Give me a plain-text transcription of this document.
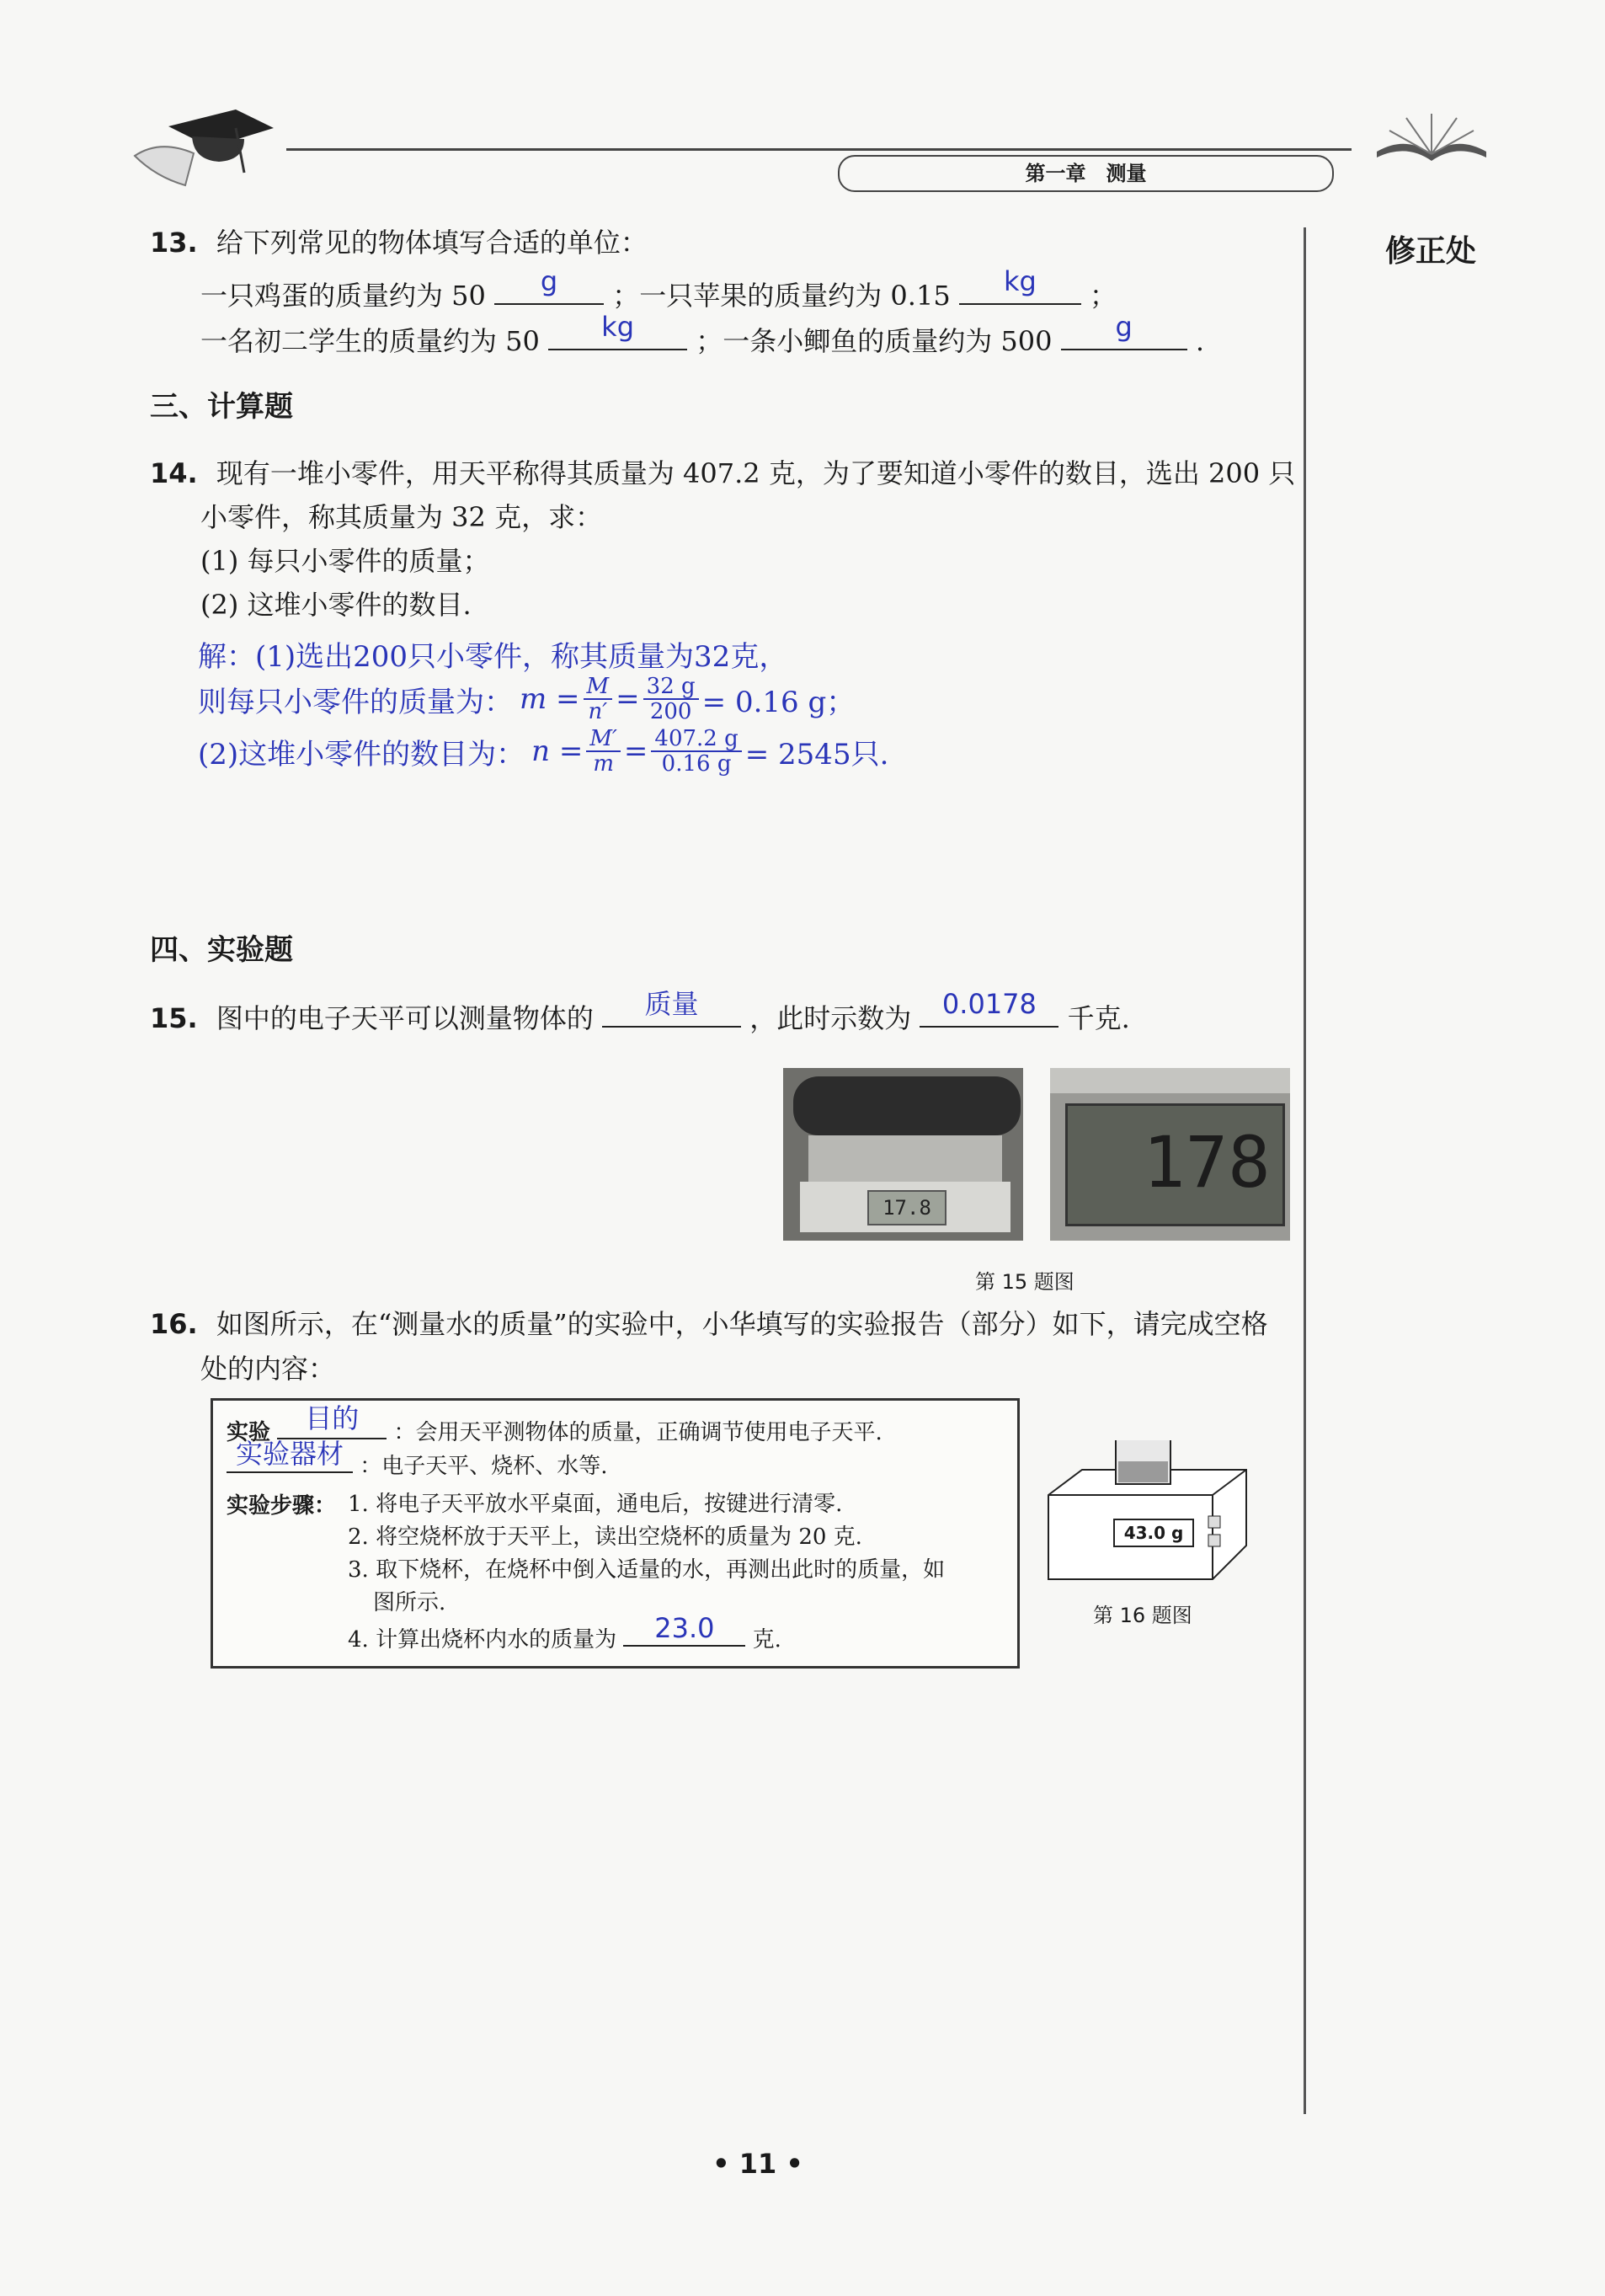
第一章　测量
修正处
13. 给下列常见的物体填写合适的单位：
一只鸡蛋的质量约为 50	g	；一只苹果的质量约为 0.15	kg	；
一名初二学生的质量约为 50	kg	；一条小鲫鱼的质量约为 500	g	.
三、计算题
14. 现有一堆小零件，用天平称得其质量为 407.2 克，为了要知道小零件的数目，选出 200 只
小零件，称其质量为 32 克，求：
(1) 每只小零件的质量；
(2) 这堆小零件的数目.
解：(1)选出200只小零件，称其质量为32克，
则每只小零件的质量为： $m = \frac{M}{n'} = \frac{32 g}{200} = 0.16$ g；
(2)这堆小零件的数目为： $n = \frac{M'}{m} = \frac{407.2 g}{0.16 g} = 2545$只.
四、实验题
15. 图中的电子天平可以测量物体的	质量	，此时示数为	0.0178	千克.
17.8
178
第 15 题图
16. 如图所示，在“测量水的质量”的实验中，小华填写的实验报告（部分）如下，请完成空格
处的内容：
实验	目的	：会用天平测物体的质量，正确调节使用电子天平.
实验器材 ：电子天平、烧杯、水等.
实验步骤： 1. 将电子天平放水平桌面，通电后，按键进行清零.
2. 将空烧杯放于天平上，读出空烧杯的质量为 20 克.
3. 取下烧杯，在烧杯中倒入适量的水，再测出此时的质量，如
图所示.
4. 计算出烧杯内水的质量为	23.0	克.
43.0 g
第 16 题图
• 11 •
